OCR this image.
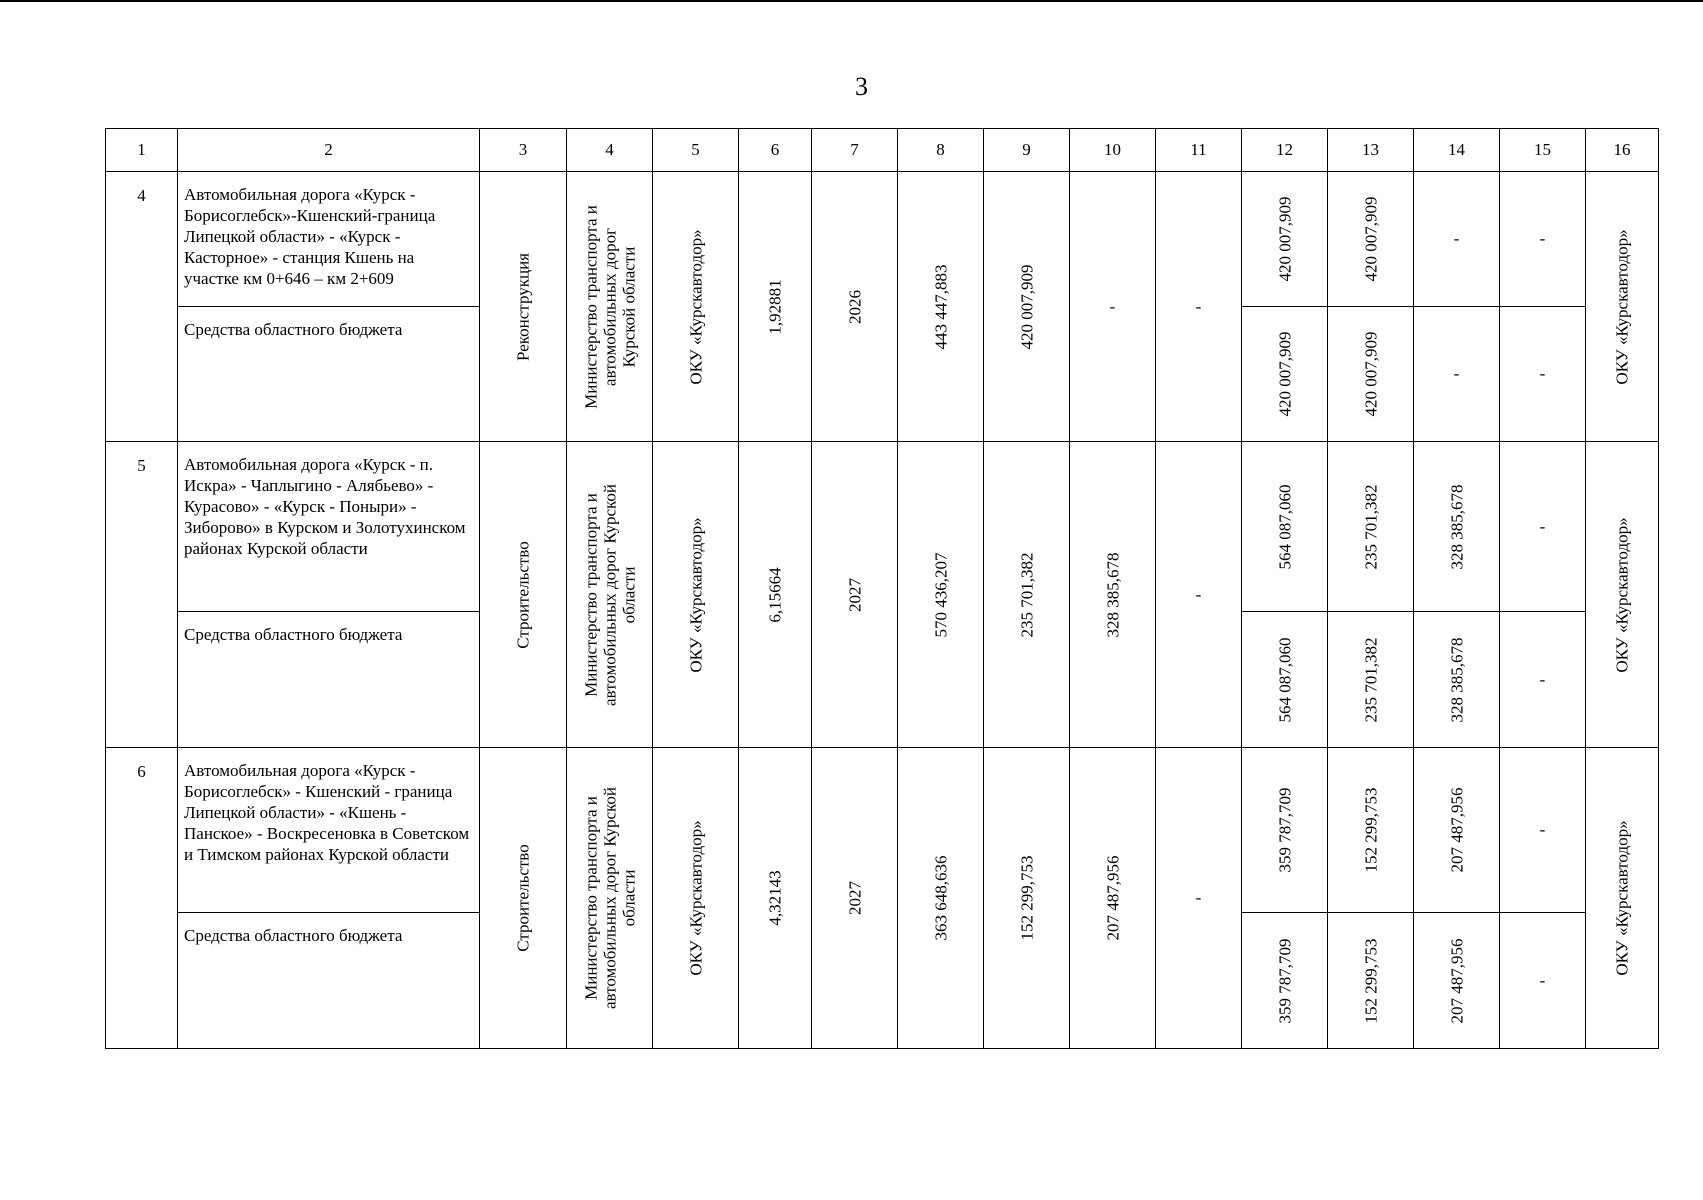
3
1	2	3	4	5	6	7	8	9	10	11	12	13	14	15	16
4	Автомобильная дорога «Курск - Борисоглебск»-Кшенский-граница Липецкой области» - «Курск - Касторное» - станция Кшень на участке км 0+646 – км 2+609	Реконструкция	Министерство транспорта и
автомобильных дорог
Курской области	ОКУ «Курскавтодор»	1,92881	2026	443 447,883	420 007,909	-	-	420 007,909	420 007,909	-	-	ОКУ «Курскавтодор»

	Средства областного бюджета										420 007,909	420 007,909	-	-	

5	Автомобильная дорога «Курск - п. Искра» - Чаплыгино - Алябьево» - Курасово» - «Курск - Поныри» - Зиборово» в Курском и Золотухинском районах Курской области	Строительство	Министерство транспорта и
автомобильных дорог Курской
области	ОКУ «Курскавтодор»	6,15664	2027	570 436,207	235 701,382	328 385,678	-	564 087,060	235 701,382	328 385,678	-	ОКУ «Курскавтодор»

	Средства областного бюджета										564 087,060	235 701,382	328 385,678	-	

6	Автомобильная дорога «Курск - Борисоглебск» - Кшенский - граница Липецкой области» - «Кшень - Панское» - Воскресеновка в Советском и Тимском районах Курской области	Строительство	Министерство транспорта и
автомобильных дорог Курской
области	ОКУ «Курскавтодор»	4,32143	2027	363 648,636	152 299,753	207 487,956	-	359 787,709	152 299,753	207 487,956	-	ОКУ «Курскавтодор»

	Средства областного бюджета										359 787,709	152 299,753	207 487,956	-	
